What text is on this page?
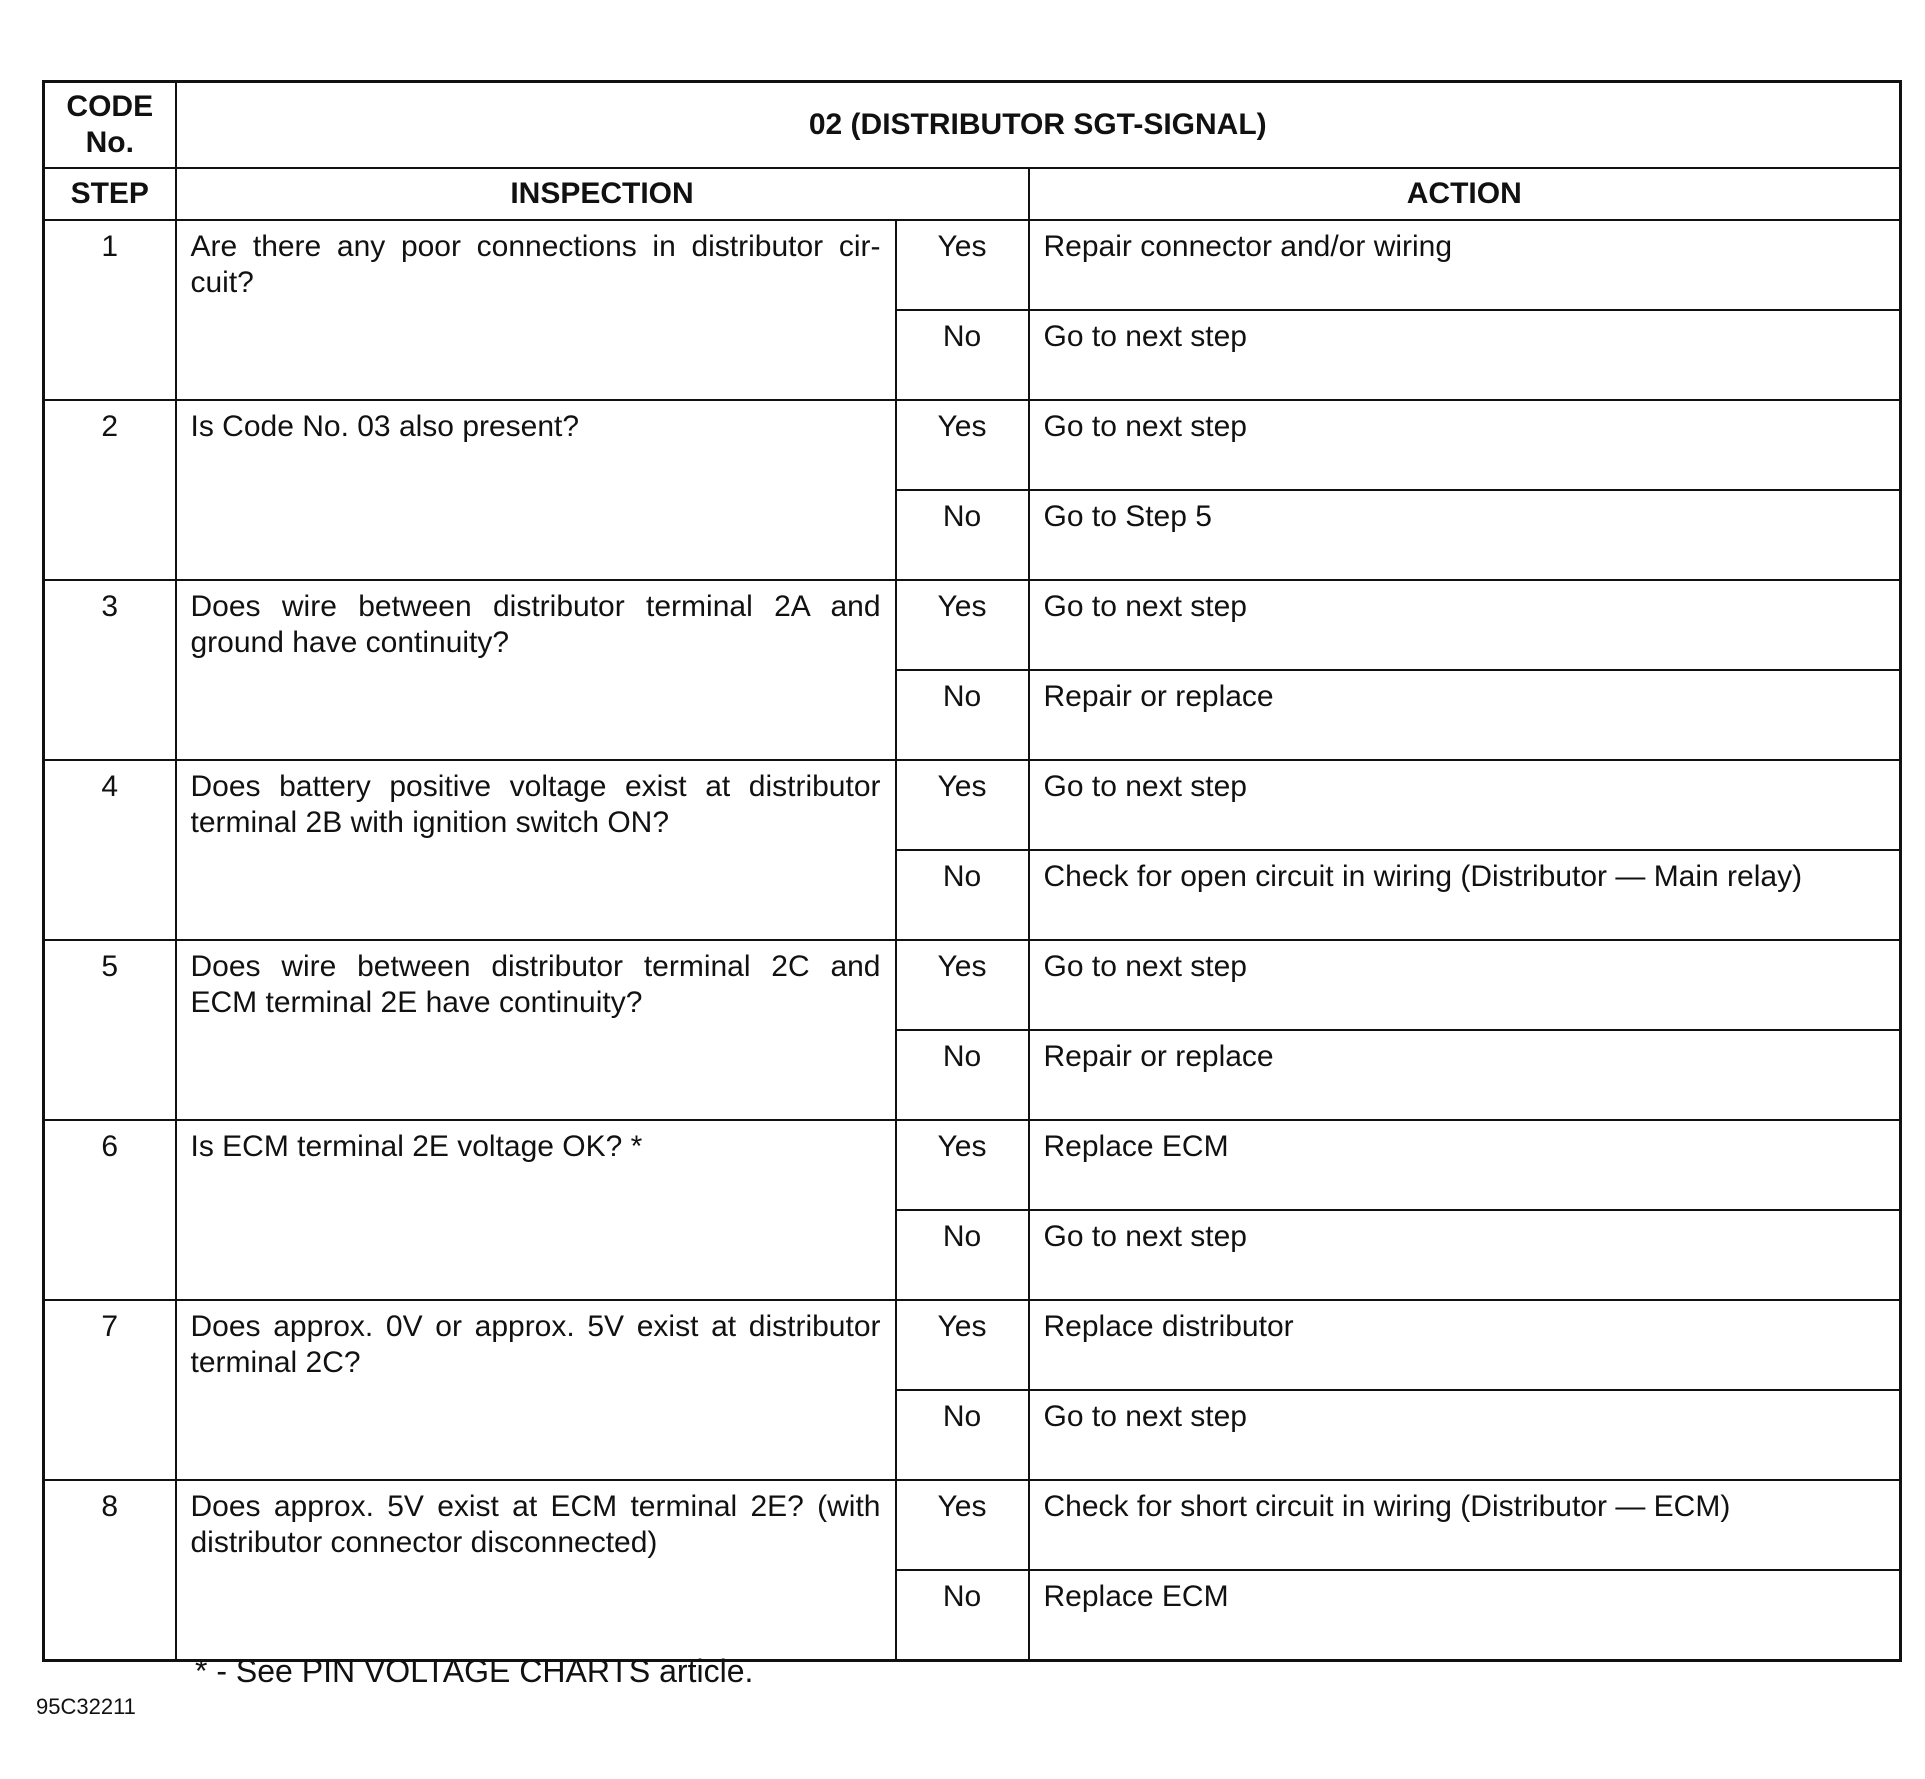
CODE No.	02 (DISTRIBUTOR SGT-SIGNAL)		
STEP	INSPECTION		ACTION
1	Are there any poor connections in distributor cir-cuit?	Yes	Repair connector and/or wiring
		No	Go to next step
2	Is Code No. 03 also present?	Yes	Go to next step
		No	Go to Step 5
3	Does wire between distributor terminal 2A and ground have continuity?	Yes	Go to next step
		No	Repair or replace
4	Does battery positive voltage exist at distributor terminal 2B with ignition switch ON?	Yes	Go to next step
		No	Check for open circuit in wiring (Distributor — Main relay)
5	Does wire between distributor terminal 2C and ECM terminal 2E have continuity?	Yes	Go to next step
		No	Repair or replace
6	Is ECM terminal 2E voltage OK? *	Yes	Replace ECM
		No	Go to next step
7	Does approx. 0V or approx. 5V exist at distributor terminal 2C?	Yes	Replace distributor
		No	Go to next step
8	Does approx. 5V exist at ECM terminal 2E? (with distributor connector disconnected)	Yes	Check for short circuit in wiring (Distributor — ECM)
		No	Replace ECM
* - See PIN VOLTAGE CHARTS article.
95C32211
